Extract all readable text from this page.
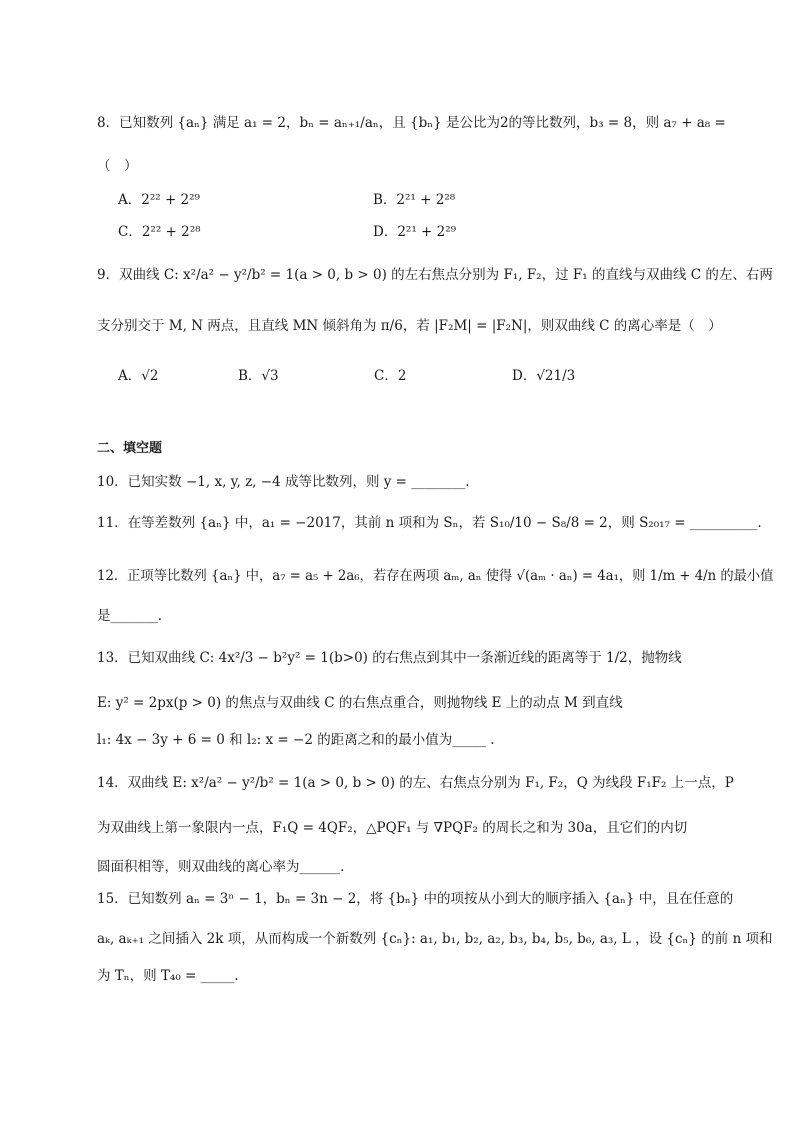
8．已知数列 {aₙ} 满足 a₁ = 2，bₙ = aₙ₊₁/aₙ，且 {bₙ} 是公比为2的等比数列，b₃ = 8，则 a₇ + a₈ =
（　）
A．2²² + 2²⁹	B．2²¹ + 2²⁸
C．2²² + 2²⁸	D．2²¹ + 2²⁹
9．双曲线 C: x²/a² − y²/b² = 1(a > 0, b > 0) 的左右焦点分别为 F₁, F₂，过 F₁ 的直线与双曲线 C 的左、右两
支分别交于 M, N 两点，且直线 MN 倾斜角为 π/6，若 |F₂M| = |F₂N|，则双曲线 C 的离心率是（　）
A．√2	B．√3	C．2	D．√21/3
二、填空题
10．已知实数 −1, x, y, z, −4 成等比数列，则 y = ________.
11．在等差数列 {aₙ} 中，a₁ = −2017，其前 n 项和为 Sₙ，若 S₁₀/10 − S₈/8 = 2，则 S₂₀₁₇ = __________.
12．正项等比数列 {aₙ} 中，a₇ = a₅ + 2a₆，若存在两项 aₘ, aₙ 使得 √(aₘ · aₙ) = 4a₁，则 1/m + 4/n 的最小值
是_______.
13．已知双曲线 C: 4x²/3 − b²y² = 1(b>0) 的右焦点到其中一条渐近线的距离等于 1/2，抛物线
E: y² = 2px(p > 0) 的焦点与双曲线 C 的右焦点重合，则抛物线 E 上的动点 M 到直线
l₁: 4x − 3y + 6 = 0 和 l₂: x = −2 的距离之和的最小值为_____ .
14．双曲线 E: x²/a² − y²/b² = 1(a > 0, b > 0) 的左、右焦点分别为 F₁, F₂，Q 为线段 F₁F₂ 上一点，P
为双曲线上第一象限内一点，F₁Q = 4QF₂，△PQF₁ 与 ∇PQF₂ 的周长之和为 30a，且它们的内切
圆面积相等，则双曲线的离心率为______.
15．已知数列 aₙ = 3ⁿ − 1，bₙ = 3n − 2，将 {bₙ} 中的项按从小到大的顺序插入 {aₙ} 中，且在任意的
aₖ, aₖ₊₁ 之间插入 2k 项，从而构成一个新数列 {cₙ}: a₁, b₁, b₂, a₂, b₃, b₄, b₅, b₆, a₃, L ，设 {cₙ} 的前 n 项和
为 Tₙ，则 T₄₀ = _____.
